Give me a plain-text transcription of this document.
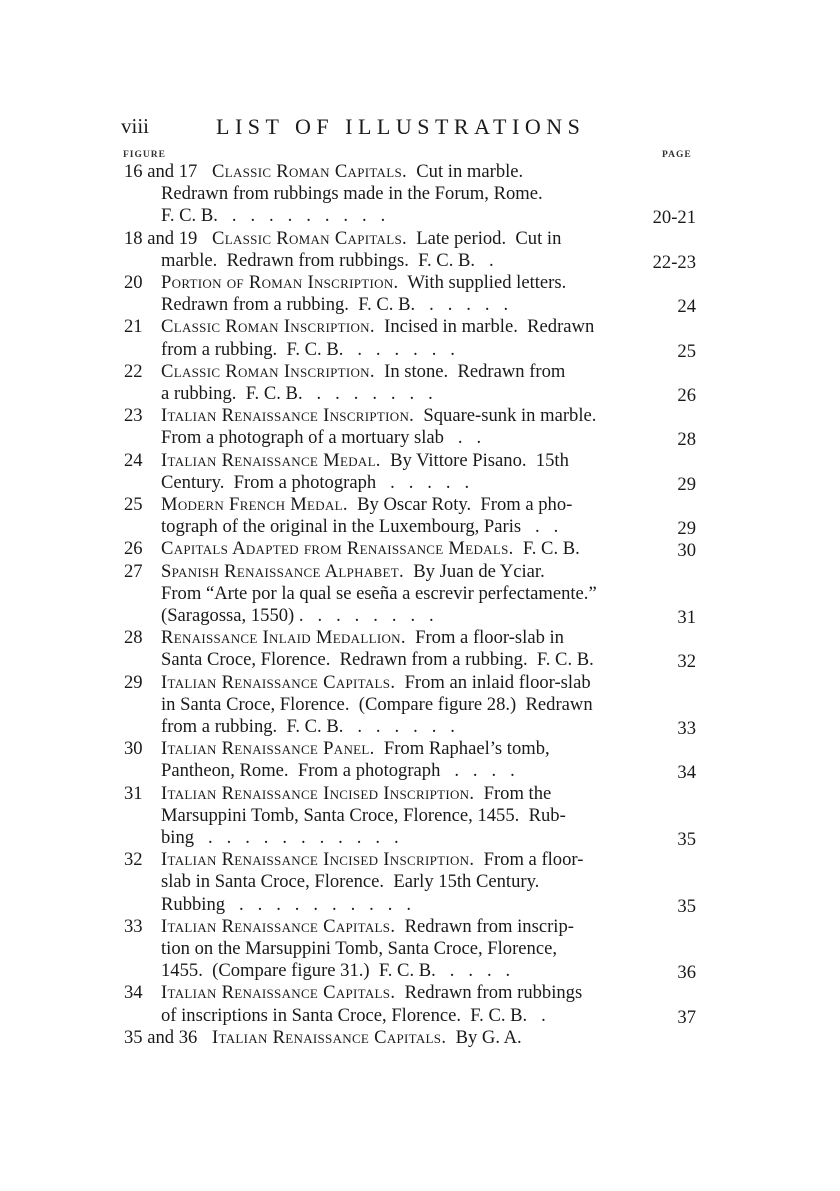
viii	LIST OF ILLUSTRATIONS
FIGURE	PAGE
16 and 17 Classic Roman Capitals.  Cut in marble.
Redrawn from rubbings made in the Forum, Rome.
F. C. B.   .   .   .   .   .   .   .   .   .	20-21
18 and 19 Classic Roman Capitals.  Late period.  Cut in
marble.  Redrawn from rubbings.  F. C. B.   .	22-23
20 Portion of Roman Inscription.  With supplied letters.
Redrawn from a rubbing.  F. C. B.   .   .   .   .   .	24
21 Classic Roman Inscription.  Incised in marble.  Redrawn
from a rubbing.  F. C. B.   .   .   .   .   .   .	25
22 Classic Roman Inscription.  In stone.  Redrawn from
a rubbing.  F. C. B.   .   .   .   .   .   .   .	26
23 Italian Renaissance Inscription.  Square-sunk in marble.
From a photograph of a mortuary slab   .   .	28
24 Italian Renaissance Medal.  By Vittore Pisano.  15th
Century.  From a photograph   .   .   .   .   .	29
25 Modern French Medal.  By Oscar Roty.  From a pho-
tograph of the original in the Luxembourg, Paris   .   .	29
26 Capitals Adapted from Renaissance Medals.  F. C. B.	30
27 Spanish Renaissance Alphabet.  By Juan de Yciar.
From “Arte por la qual se eseña a escrevir perfectamente.”
(Saragossa, 1550) .   .   .   .   .   .   .   .	31
28 Renaissance Inlaid Medallion.  From a floor-slab in
Santa Croce, Florence.  Redrawn from a rubbing.  F. C. B.	32
29 Italian Renaissance Capitals.  From an inlaid floor-slab
in Santa Croce, Florence.  (Compare figure 28.)  Redrawn
from a rubbing.  F. C. B.   .   .   .   .   .   .	33
30 Italian Renaissance Panel.  From Raphael’s tomb,
Pantheon, Rome.  From a photograph   .   .   .   .	34
31 Italian Renaissance Incised Inscription.  From the
Marsuppini Tomb, Santa Croce, Florence, 1455.  Rub-
bing   .   .   .   .   .   .   .   .   .   .   .	35
32 Italian Renaissance Incised Inscription.  From a floor-
slab in Santa Croce, Florence.  Early 15th Century.
Rubbing   .   .   .   .   .   .   .   .   .   .	35
33 Italian Renaissance Capitals.  Redrawn from inscrip-
tion on the Marsuppini Tomb, Santa Croce, Florence,
1455.  (Compare figure 31.)  F. C. B.   .   .   .   .	36
34 Italian Renaissance Capitals.  Redrawn from rubbings
of inscriptions in Santa Croce, Florence.  F. C. B.   .	37
35 and 36 Italian Renaissance Capitals.  By G. A.
